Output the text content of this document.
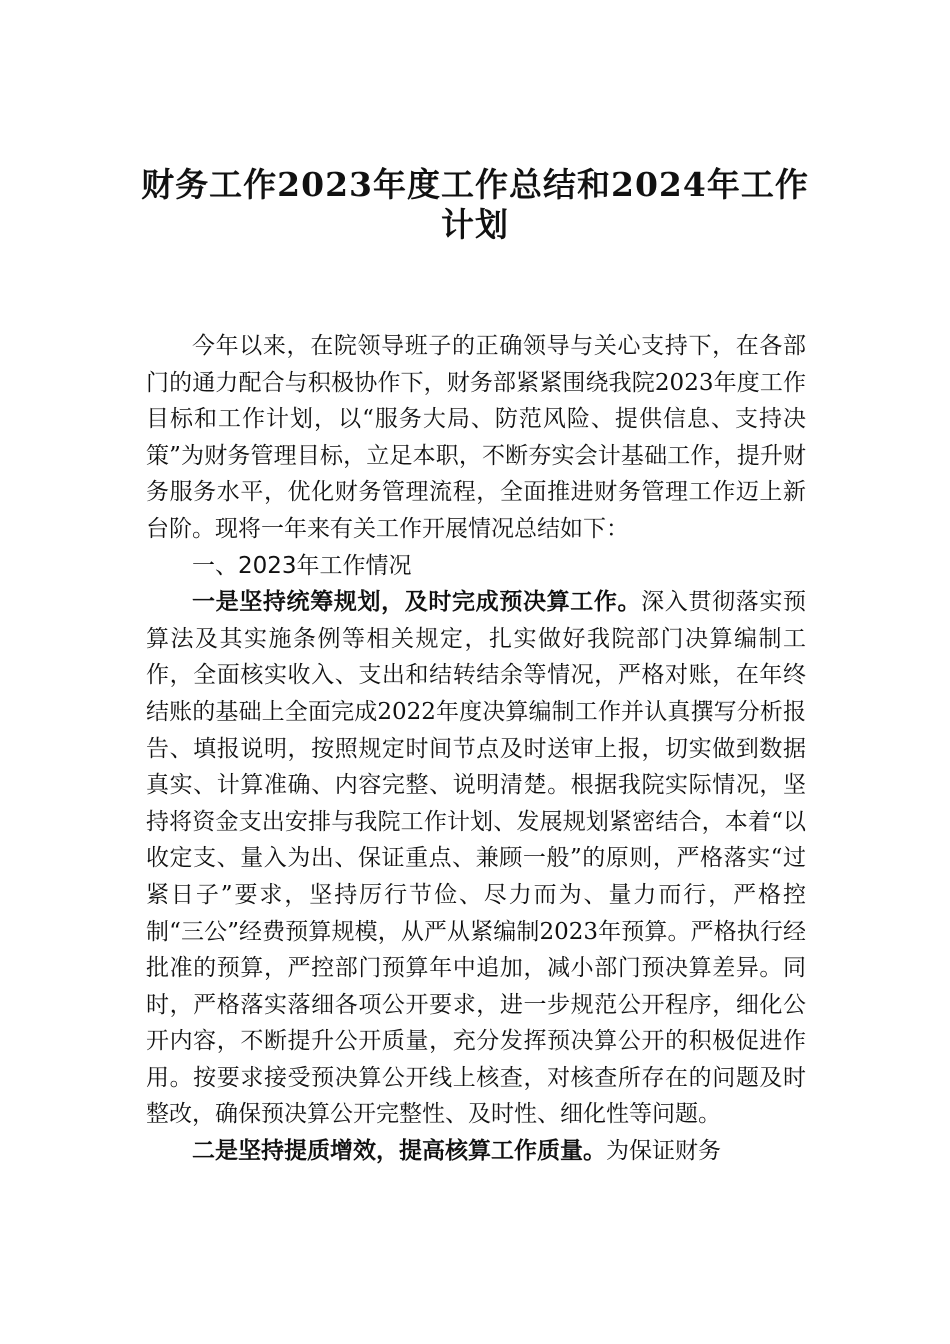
财务工作2023年度工作总结和2024年工作
计划

今年以来，在院领导班子的正确领导与关心支持下，在各部门的通力配合与积极协作下，财务部紧紧围绕我院2023年度工作目标和工作计划，以“服务大局、防范风险、提供信息、支持决策”为财务管理目标，立足本职，不断夯实会计基础工作，提升财务服务水平，优化财务管理流程，全面推进财务管理工作迈上新台阶。现将一年来有关工作开展情况总结如下：

一、2023年工作情况

一是坚持统筹规划，及时完成预决算工作。深入贯彻落实预算法及其实施条例等相关规定，扎实做好我院部门决算编制工作，全面核实收入、支出和结转结余等情况，严格对账，在年终结账的基础上全面完成2022年度决算编制工作并认真撰写分析报告、填报说明，按照规定时间节点及时送审上报，切实做到数据真实、计算准确、内容完整、说明清楚。根据我院实际情况，坚持将资金支出安排与我院工作计划、发展规划紧密结合，本着“以收定支、量入为出、保证重点、兼顾一般”的原则，严格落实“过紧日子”要求，坚持厉行节俭、尽力而为、量力而行，严格控制“三公”经费预算规模，从严从紧编制2023年预算。严格执行经批准的预算，严控部门预算年中追加，减小部门预决算差异。同时，严格落实落细各项公开要求，进一步规范公开程序，细化公开内容，不断提升公开质量，充分发挥预决算公开的积极促进作用。按要求接受预决算公开线上核查，对核查所存在的问题及时整改，确保预决算公开完整性、及时性、细化性等问题。

二是坚持提质增效，提高核算工作质量。为保证财务
